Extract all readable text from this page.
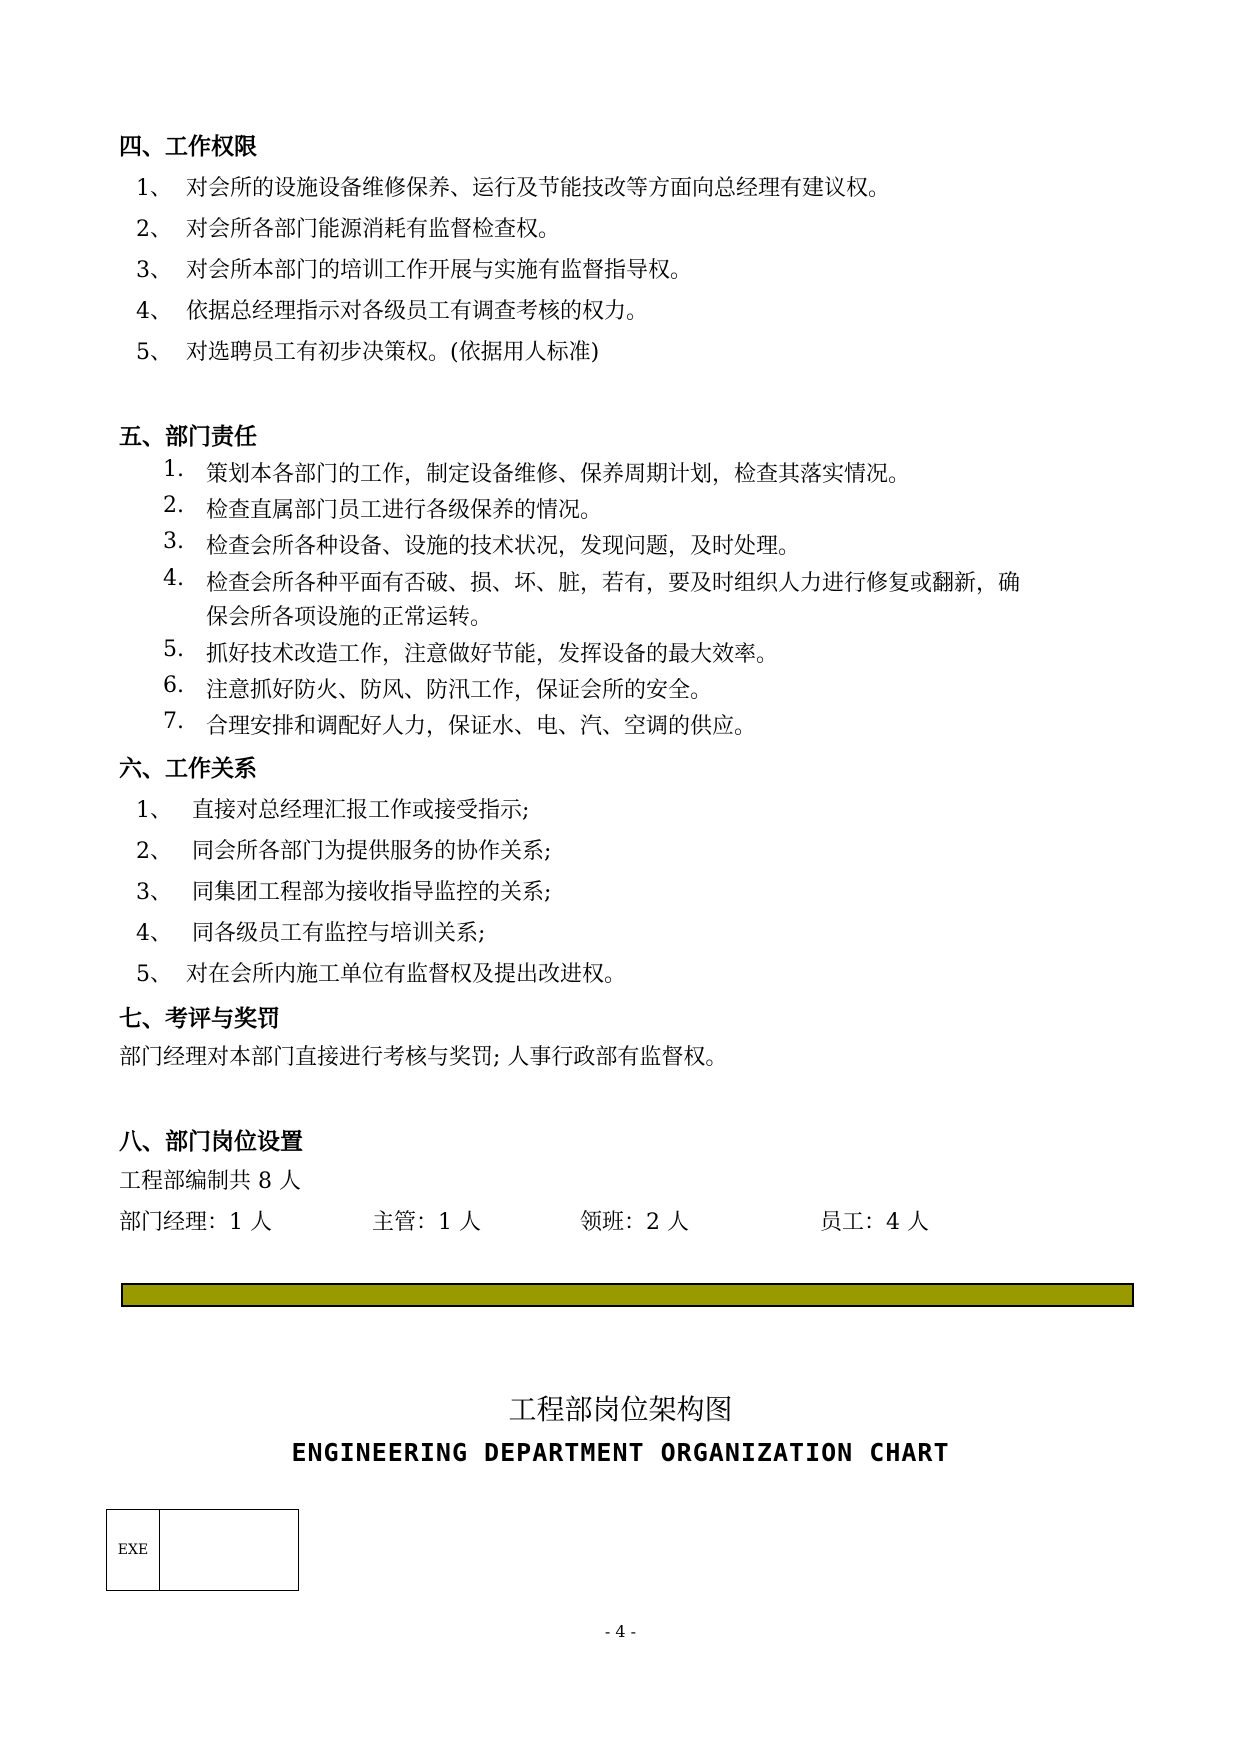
四、工作权限
1、 对会所的设施设备维修保养、运行及节能技改等方面向总经理有建议权。
2、 对会所各部门能源消耗有监督检查权。
3、 对会所本部门的培训工作开展与实施有监督指导权。
4、 依据总经理指示对各级员工有调查考核的权力。
5、 对选聘员工有初步决策权。(依据用人标准)
五、部门责任
1. 策划本各部门的工作，制定设备维修、保养周期计划，检查其落实情况。
2. 检查直属部门员工进行各级保养的情况。
3. 检查会所各种设备、设施的技术状况，发现问题，及时处理。
4. 检查会所各种平面有否破、损、坏、脏，若有，要及时组织人力进行修复或翻新，确
保会所各项设施的正常运转。
5. 抓好技术改造工作，注意做好节能，发挥设备的最大效率。
6. 注意抓好防火、防风、防汛工作，保证会所的安全。
7. 合理安排和调配好人力，保证水、电、汽、空调的供应。
六、工作关系
1、 直接对总经理汇报工作或接受指示;
2、 同会所各部门为提供服务的协作关系;
3、 同集团工程部为接收指导监控的关系;
4、 同各级员工有监控与培训关系;
5、 对在会所内施工单位有监督权及提出改进权。
七、考评与奖罚
部门经理对本部门直接进行考核与奖罚; 人事行政部有监督权。
八、部门岗位设置
工程部编制共 8 人
部门经理：1 人	主管：1 人	领班：2 人	员工：4 人
工程部岗位架构图
ENGINEERING DEPARTMENT ORGANIZATION CHART
EXE
- 4 -
